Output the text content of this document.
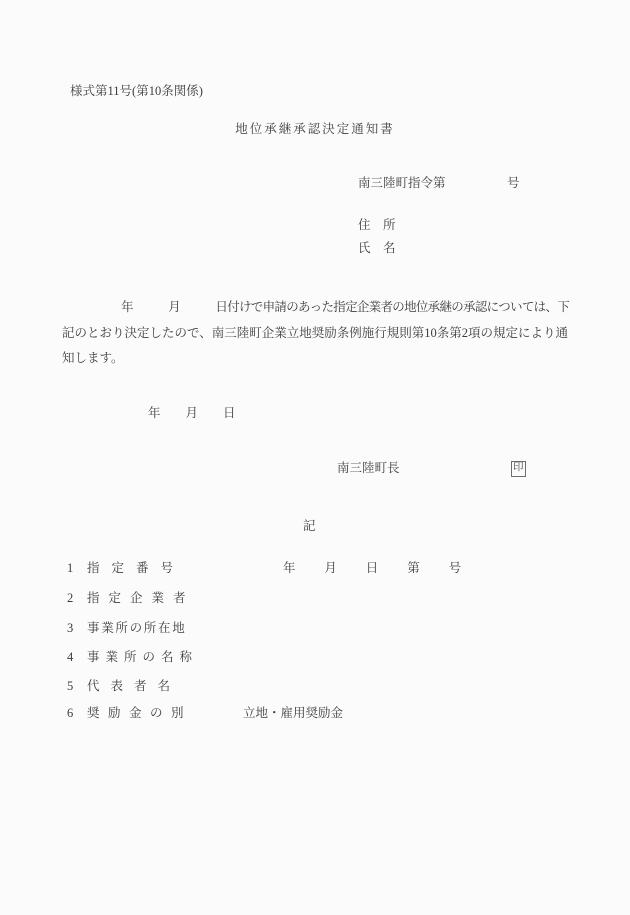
様式第11号(第10条関係)
地位承継承認決定通知書
南三陸町指令第	号
住　所
氏　名
　　　　　年　　　月　　　日付けで申請のあった指定企業者の地位承継の承認については、下
記のとおり決定したので、南三陸町企業立地奨励条例施行規則第10条第2項の規定により通
知します。
年　　月　　日
南三陸町長	印
記
1 指定番号	年　　月　　日　　第　　号
2 指定企業者
3 事業所の所在地
4 事業所の名称
5 代表者名
6 奨励金の別	立地・雇用奨励金
